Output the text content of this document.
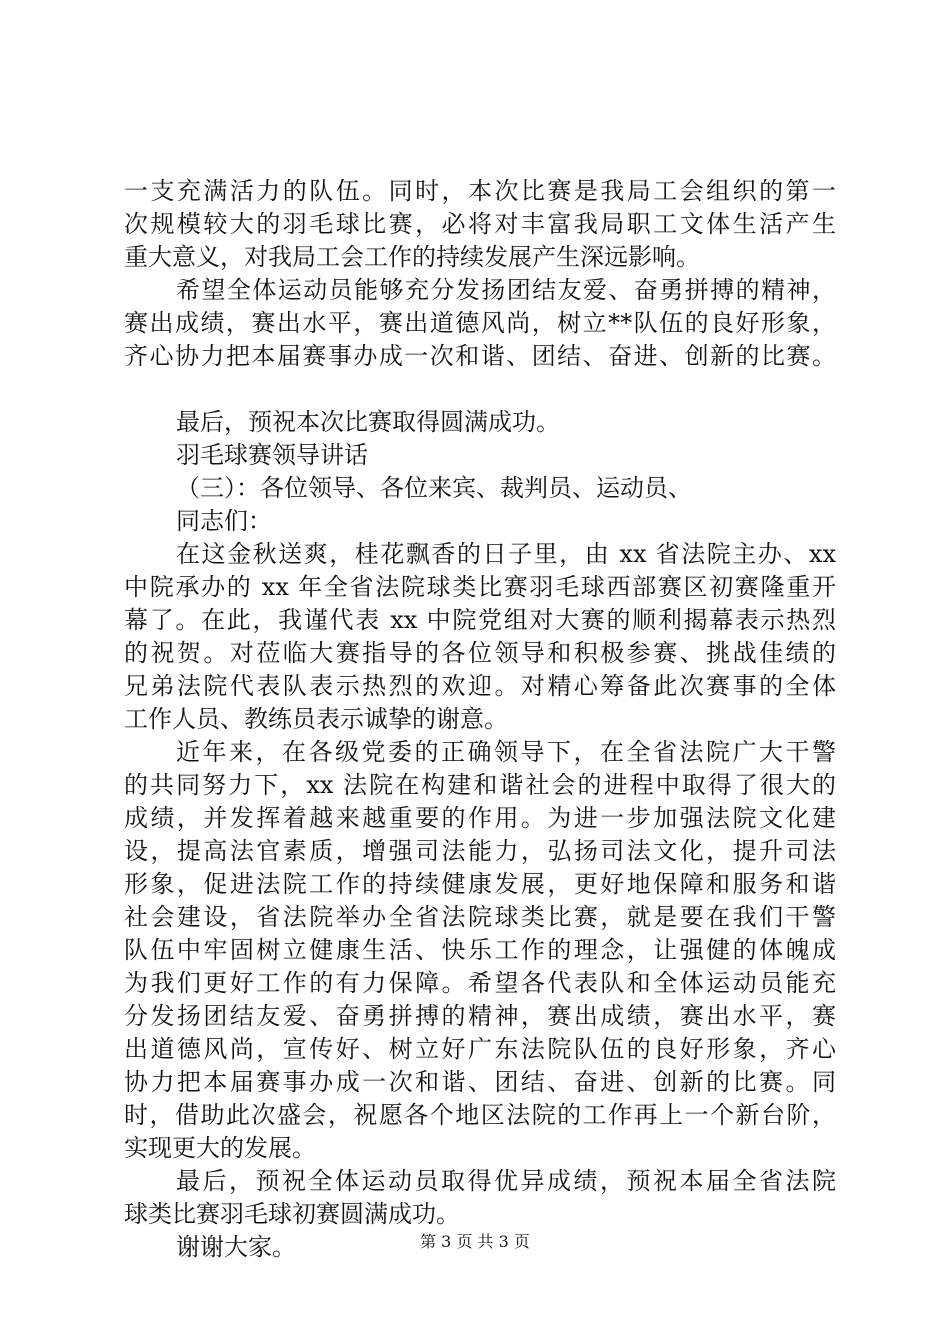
一支充满活力的队伍。同时，本次比赛是我局工会组织的第一
次规模较大的羽毛球比赛，必将对丰富我局职工文体生活产生
重大意义，对我局工会工作的持续发展产生深远影响。
希望全体运动员能够充分发扬团结友爱、奋勇拼搏的精神，
赛出成绩，赛出水平，赛出道德风尚，树立**队伍的良好形象，
齐心协力把本届赛事办成一次和谐、团结、奋进、创新的比赛。
最后，预祝本次比赛取得圆满成功。
羽毛球赛领导讲话
（三）：各位领导、各位来宾、裁判员、运动员、
同志们：
在这金秋送爽，桂花飘香的日子里，由 xx 省法院主办、xx
中院承办的 xx 年全省法院球类比赛羽毛球西部赛区初赛隆重开
幕了。在此，我谨代表 xx 中院党组对大赛的顺利揭幕表示热烈
的祝贺。对莅临大赛指导的各位领导和积极参赛、挑战佳绩的
兄弟法院代表队表示热烈的欢迎。对精心筹备此次赛事的全体
工作人员、教练员表示诚挚的谢意。
近年来，在各级党委的正确领导下，在全省法院广大干警
的共同努力下，xx 法院在构建和谐社会的进程中取得了很大的
成绩，并发挥着越来越重要的作用。为进一步加强法院文化建
设，提高法官素质，增强司法能力，弘扬司法文化，提升司法
形象，促进法院工作的持续健康发展，更好地保障和服务和谐
社会建设，省法院举办全省法院球类比赛，就是要在我们干警
队伍中牢固树立健康生活、快乐工作的理念，让强健的体魄成
为我们更好工作的有力保障。希望各代表队和全体运动员能充
分发扬团结友爱、奋勇拼搏的精神，赛出成绩，赛出水平，赛
出道德风尚，宣传好、树立好广东法院队伍的良好形象，齐心
协力把本届赛事办成一次和谐、团结、奋进、创新的比赛。同
时，借助此次盛会，祝愿各个地区法院的工作再上一个新台阶，
实现更大的发展。
最后，预祝全体运动员取得优异成绩，预祝本届全省法院
球类比赛羽毛球初赛圆满成功。
谢谢大家。	第 3 页 共 3 页
